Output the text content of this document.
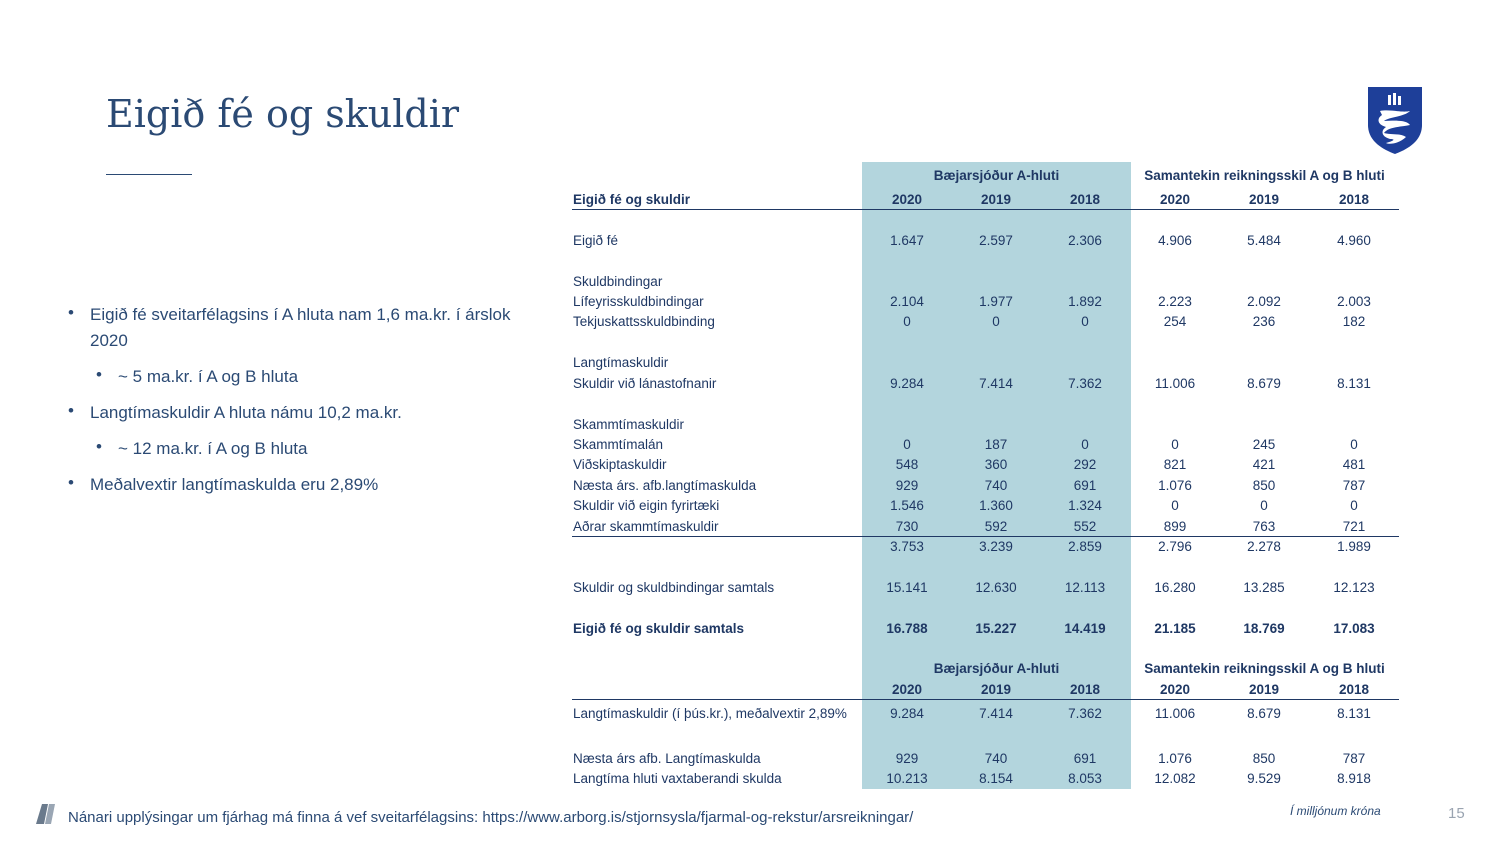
Eigið fé og skuldir
• Eigið fé sveitarfélagsins í A hluta nam 1,6 ma.kr. í árslok 2020
• ~ 5 ma.kr. í A og B hluta
• Langtímaskuldir A hluta námu 10,2 ma.kr.
• ~ 12 ma.kr. í A og B hluta
• Meðalvextir langtímaskulda eru 2,89%
Bæjarsjóður A-hluti	Samantekin reikningsskil A og B hluti
Eigið fé og skuldir	2020	2019	2018	2020	2019	2018
Eigið fé	1.647	2.597	2.306	4.906	5.484	4.960
Skuldbindingar
Lífeyrisskuldbindingar	2.104	1.977	1.892	2.223	2.092	2.003
Tekjuskattsskuldbinding	0	0	0	254	236	182
Langtímaskuldir
Skuldir við lánastofnanir	9.284	7.414	7.362	11.006	8.679	8.131
Skammtímaskuldir
Skammtímalán	0	187	0	0	245	0
Viðskiptaskuldir	548	360	292	821	421	481
Næsta árs. afb.langtímaskulda	929	740	691	1.076	850	787
Skuldir við eigin fyrirtæki	1.546	1.360	1.324	0	0	0
Aðrar skammtímaskuldir	730	592	552	899	763	721
3.753	3.239	2.859	2.796	2.278	1.989
Skuldir og skuldbindingar samtals	15.141	12.630	12.113	16.280	13.285	12.123
Eigið fé og skuldir samtals	16.788	15.227	14.419	21.185	18.769	17.083
Bæjarsjóður A-hluti	Samantekin reikningsskil A og B hluti
2020	2019	2018	2020	2019	2018
Langtímaskuldir (í þús.kr.), meðalvextir 2,89%	9.284	7.414	7.362	11.006	8.679	8.131
Næsta árs afb. Langtímaskulda	929	740	691	1.076	850	787
Langtíma hluti vaxtaberandi skulda	10.213	8.154	8.053	12.082	9.529	8.918
Nánari upplýsingar um fjárhag má finna á vef sveitarfélagsins: https://www.arborg.is/stjornsysla/fjarmal-og-rekstur/arsreikningar/	Í milljónum króna	15
